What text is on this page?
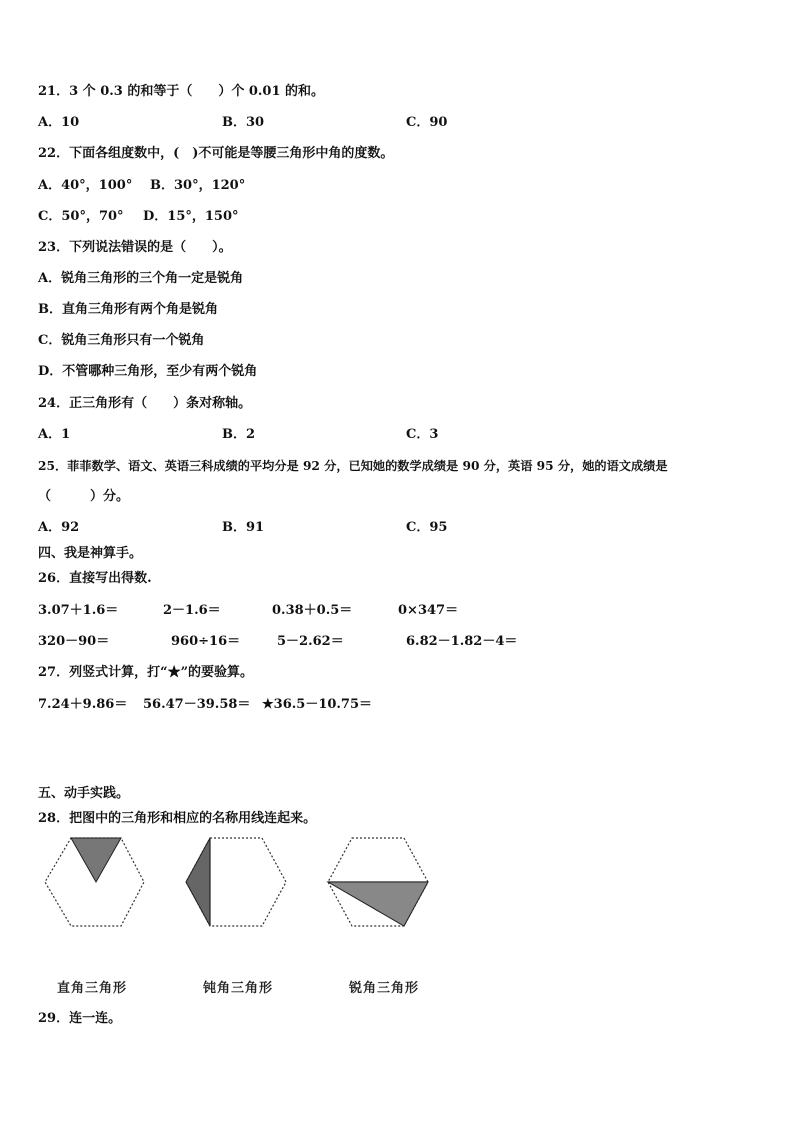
21．3 个 0.3 的和等于（　　）个 0.01 的和。
A．10	B．30	C．90
22．下面各组度数中，(　)不可能是等腰三角形中角的度数。
A．40°，100° B．30°，120°
C．50°，70° D．15°，150°
23．下列说法错误的是（　　）。
A．锐角三角形的三个角一定是锐角
B．直角三角形有两个角是锐角
C．锐角三角形只有一个锐角
D．不管哪种三角形，至少有两个锐角
24．正三角形有（　　）条对称轴。
A．1	B．2	C．3
25．菲菲数学、语文、英语三科成绩的平均分是 92 分，已知她的数学成绩是 90 分，英语 95 分，她的语文成绩是
（　　　）分。
A．92	B．91	C．95
四、我是神算手。
26．直接写出得数.
3.07＋1.6＝	2－1.6＝	0.38＋0.5＝	0×347＝
320－90＝	960÷16＝	5－2.62＝	6.82－1.82－4＝
27．列竖式计算，打“★”的要验算。
7.24＋9.86＝ 56.47－39.58＝ ★36.5－10.75＝
五、动手实践。
28．把图中的三角形和相应的名称用线连起来。
直角三角形	钝角三角形	锐角三角形
29．连一连。
